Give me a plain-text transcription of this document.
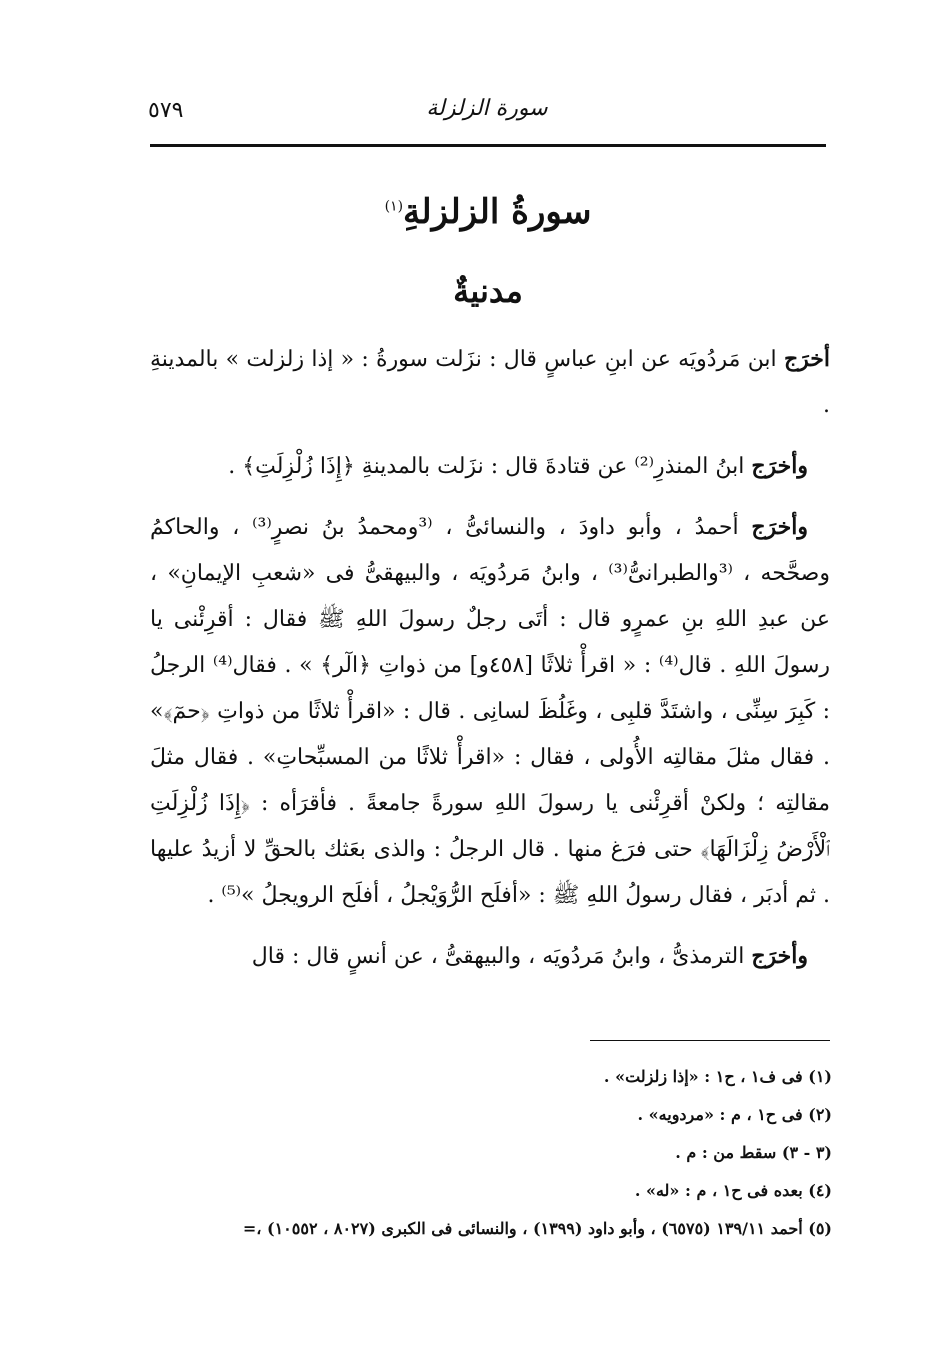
٥٧٩	سورة الزلزلة
سورةُ الزلزلةِ$^{(١)}$
مدنيةٌ

أخرَج ابن مَردُويَه عن ابنِ عباسٍ قال : نزَلت سورةُ : « إذا زلزلت » بالمدينةِ .

 وأخرَج ابنُ المنذرِ⁽²⁾ عن قتادةَ قال : نزَلت بالمدينةِ ﴿إِذَا زُلْزِلَتِ﴾ .

 وأخرَج أحمدُ ، وأبو داودَ ، والنسائىُّ ، ⁽³ومحمدُ بنُ نصرٍ⁽³⁾ ، والحاكمُ وصحَّحه ، ⁽³والطبرانىُّ⁽³⁾ ، وابنُ مَردُويَه ، والبيهقىُّ فى «شعبِ الإيمانِ» ، عن عبدِ اللهِ بنِ عمرٍو قال : أتَى رجلٌ رسولَ اللهِ ﷺ فقال : أقرِئْنى يا رسولَ اللهِ . قال⁽⁴⁾ : « اقرأْ ثلاثًا [٤٥٨و] من ذواتِ ﴿الٓر﴾ » . فقال⁽⁴⁾ الرجلُ : كَبِرَ سِنِّى ، واشتَدَّ قلبِى ، وغَلُظَ لسانِى . قال : «اقرأْ ثلاثًا من ذواتِ ﴿حمٓ﴾» . فقال مثلَ مقالتِه الأُولى ، فقال : «اقرأْ ثلاثًا من المسبِّحاتِ» . فقال مثلَ مقالتِه ؛ ولكنْ أقرِئْنى يا رسولَ اللهِ سورةً جامعةً . فأقرَأه : ﴿إِذَا زُلْزِلَتِ ٱلْأَرْضُ زِلْزَالَهَا﴾ حتى فرَغ منها . قال الرجلُ : والذى بعَثك بالحقِّ لا أزيدُ عليها . ثم أدبَر ، فقال رسولُ اللهِ ﷺ : «أفلَح الرُّوَيْجلُ ، أفلَح الرويجلُ »⁽⁵⁾ .

 وأخرَج الترمذىُّ ، وابنُ مَردُويَه ، والبيهقىُّ ، عن أنسٍ قال : قال

(١) فى ف١ ، ح١ : «إذا زلزلت» .

(٢) فى ح١ ، م : «مردويه» .

(٣ - ٣) سقط من : م .

(٤) بعده فى ح١ ، م : «له» .

(٥) أحمد ١٣٩/١١ (٦٥٧٥) ، وأبو داود (١٣٩٩) ، والنسائى فى الكبرى (٨٠٢٧ ، ١٠٥٥٢) ،=
